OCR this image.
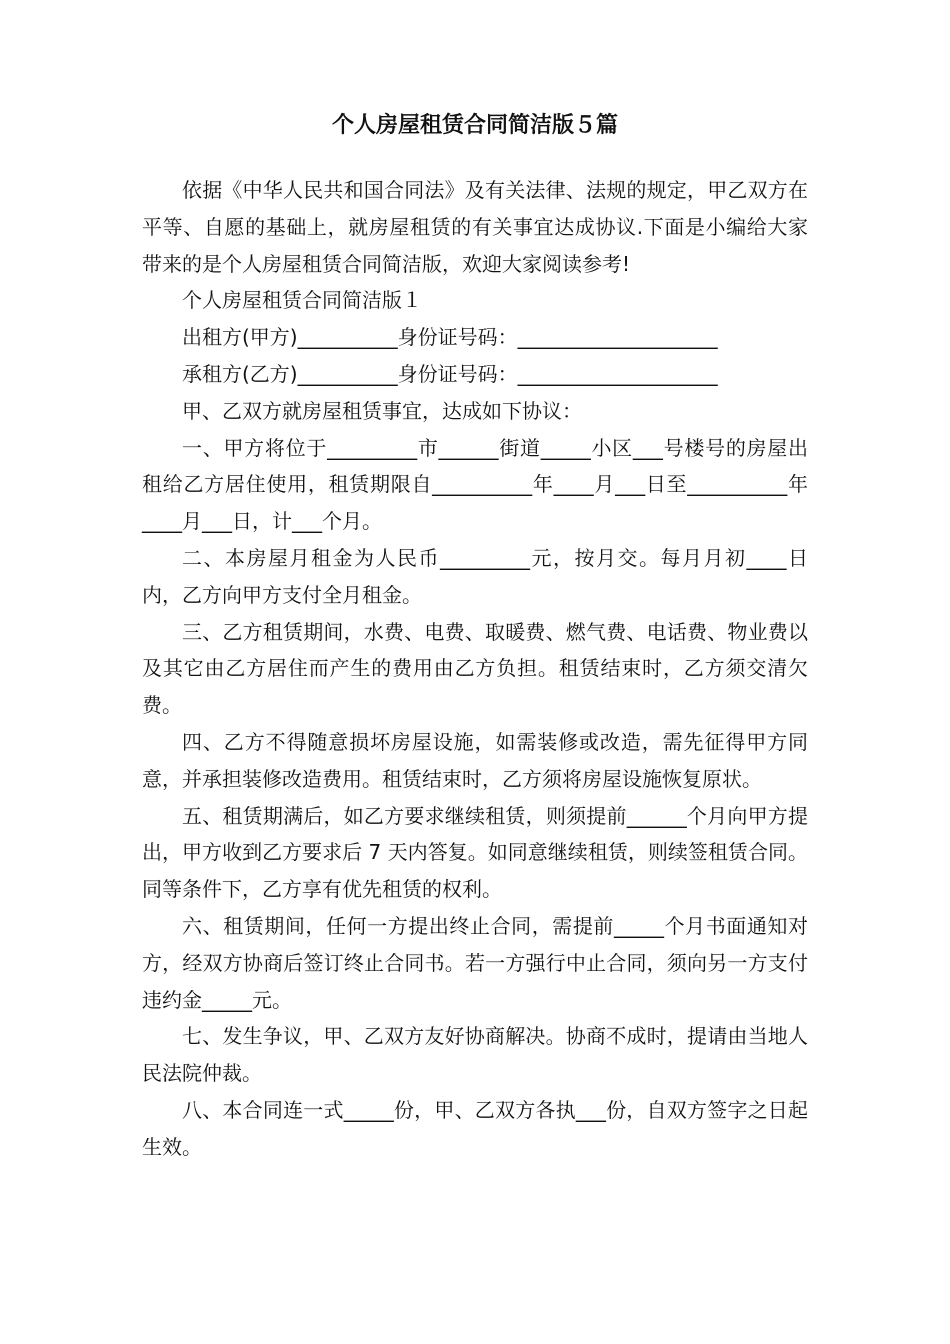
个人房屋租赁合同简洁版５篇

依据《中华人民共和国合同法》及有关法律、法规的规定，甲乙双方在平等、自愿的基础上，就房屋租赁的有关事宜达成协议.下面是小编给大家带来的是个人房屋租赁合同简洁版，欢迎大家阅读参考!

个人房屋租赁合同简洁版１

出租方(甲方)__________身份证号码：____________________

承租方(乙方)__________身份证号码：____________________

甲、乙双方就房屋租赁事宜，达成如下协议：

一、甲方将位于_________市______街道_____小区___号楼号的房屋出租给乙方居住使用，租赁期限自__________年____月___日至__________年____月___日，计___个月。

二、本房屋月租金为人民币_________元，按月交。每月月初____日内，乙方向甲方支付全月租金。

三、乙方租赁期间，水费、电费、取暖费、燃气费、电话费、物业费以及其它由乙方居住而产生的费用由乙方负担。租赁结束时，乙方须交清欠费。

四、乙方不得随意损坏房屋设施，如需装修或改造，需先征得甲方同意，并承担装修改造费用。租赁结束时，乙方须将房屋设施恢复原状。

五、租赁期满后，如乙方要求继续租赁，则须提前______个月向甲方提出，甲方收到乙方要求后 7 天内答复。如同意继续租赁，则续签租赁合同。同等条件下，乙方享有优先租赁的权利。

六、租赁期间，任何一方提出终止合同，需提前_____个月书面通知对方，经双方协商后签订终止合同书。若一方强行中止合同，须向另一方支付违约金_____元。

七、发生争议，甲、乙双方友好协商解决。协商不成时，提请由当地人民法院仲裁。

八、本合同连一式_____份，甲、乙双方各执___份，自双方签字之日起生效。
